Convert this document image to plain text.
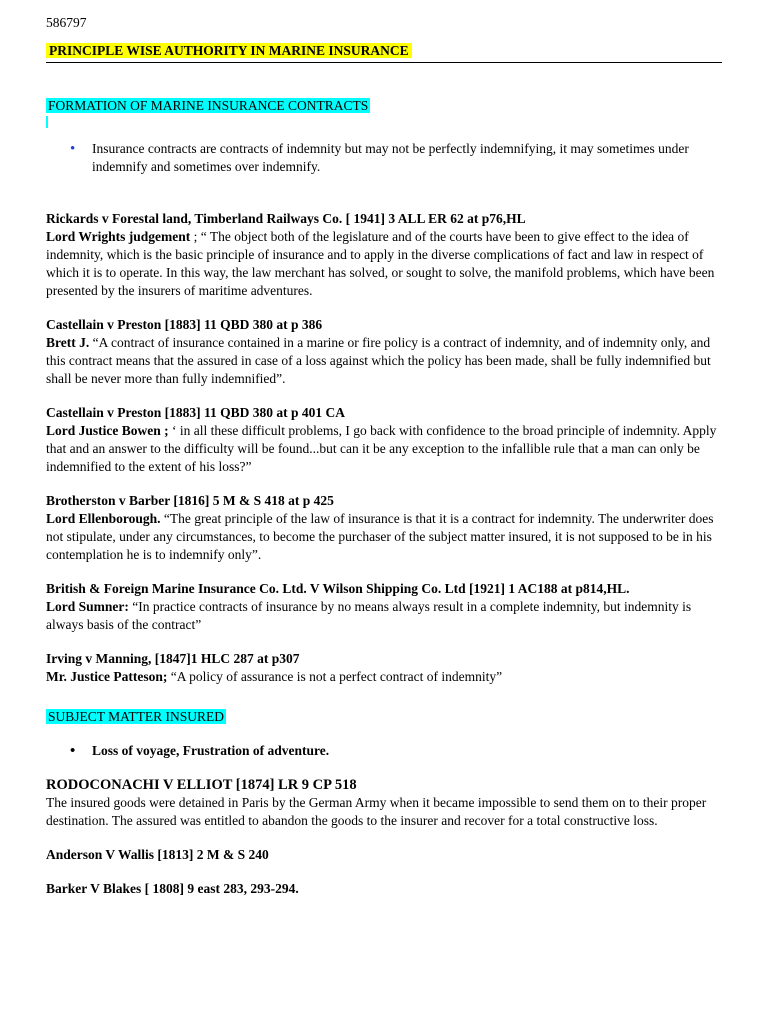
586797
PRINCIPLE WISE AUTHORITY IN MARINE INSURANCE
FORMATION OF MARINE INSURANCE CONTRACTS
• Insurance contracts are contracts of indemnity but may not be perfectly indemnifying, it may sometimes under indemnify and sometimes over indemnify.
Rickards v Forestal land, Timberland Railways Co. [ 1941] 3 ALL ER 62 at p76,HL
Lord Wrights judgement ; “ The object both of the legislature and of the courts have been to give effect to the idea of indemnity, which is the basic principle of insurance and to apply in the diverse complications of fact and law in respect of which it is to operate. In this way, the law merchant has solved, or sought to solve, the manifold problems, which have been presented by the insurers of maritime adventures.
Castellain v Preston [1883] 11 QBD 380 at p 386
Brett J. “A contract of insurance contained in a marine or fire policy is a contract of indemnity, and of indemnity only, and this contract means that the assured in case of a loss against which the policy has been made, shall be fully indemnified but shall be never more than fully indemnified”.
Castellain v Preston [1883] 11 QBD 380 at p 401 CA
Lord Justice Bowen ; ‘ in all these difficult problems, I go back with confidence to the broad principle of indemnity. Apply that and an answer to the difficulty will be found...but can it be any exception to the infallible rule that a man can only be indemnified to the extent of his loss?”
Brotherston v Barber [1816] 5 M & S 418 at p 425
Lord Ellenborough. “The great principle of the law of insurance is that it is a contract for indemnity. The underwriter does not stipulate, under any circumstances, to become the purchaser of the subject matter insured, it is not supposed to be in his contemplation he is to indemnify only”.
British & Foreign Marine Insurance Co. Ltd. V Wilson Shipping Co. Ltd [1921] 1 AC188 at p814,HL.
Lord Sumner: “In practice contracts of insurance by no means always result in a complete indemnity, but indemnity is always basis of the contract”
Irving v Manning, [1847]1 HLC 287 at p307
Mr. Justice Patteson; “A policy of assurance is not a perfect contract of indemnity”
SUBJECT MATTER INSURED
• Loss of voyage, Frustration of adventure.
RODOCONACHI V ELLIOT [1874] LR 9 CP 518
The insured goods were detained in Paris by the German Army when it became impossible to send them on to their proper destination. The assured was entitled to abandon the goods to the insurer and recover for a total constructive loss.
Anderson V Wallis [1813] 2 M & S 240
Barker V Blakes [ 1808] 9 east 283, 293-294.
